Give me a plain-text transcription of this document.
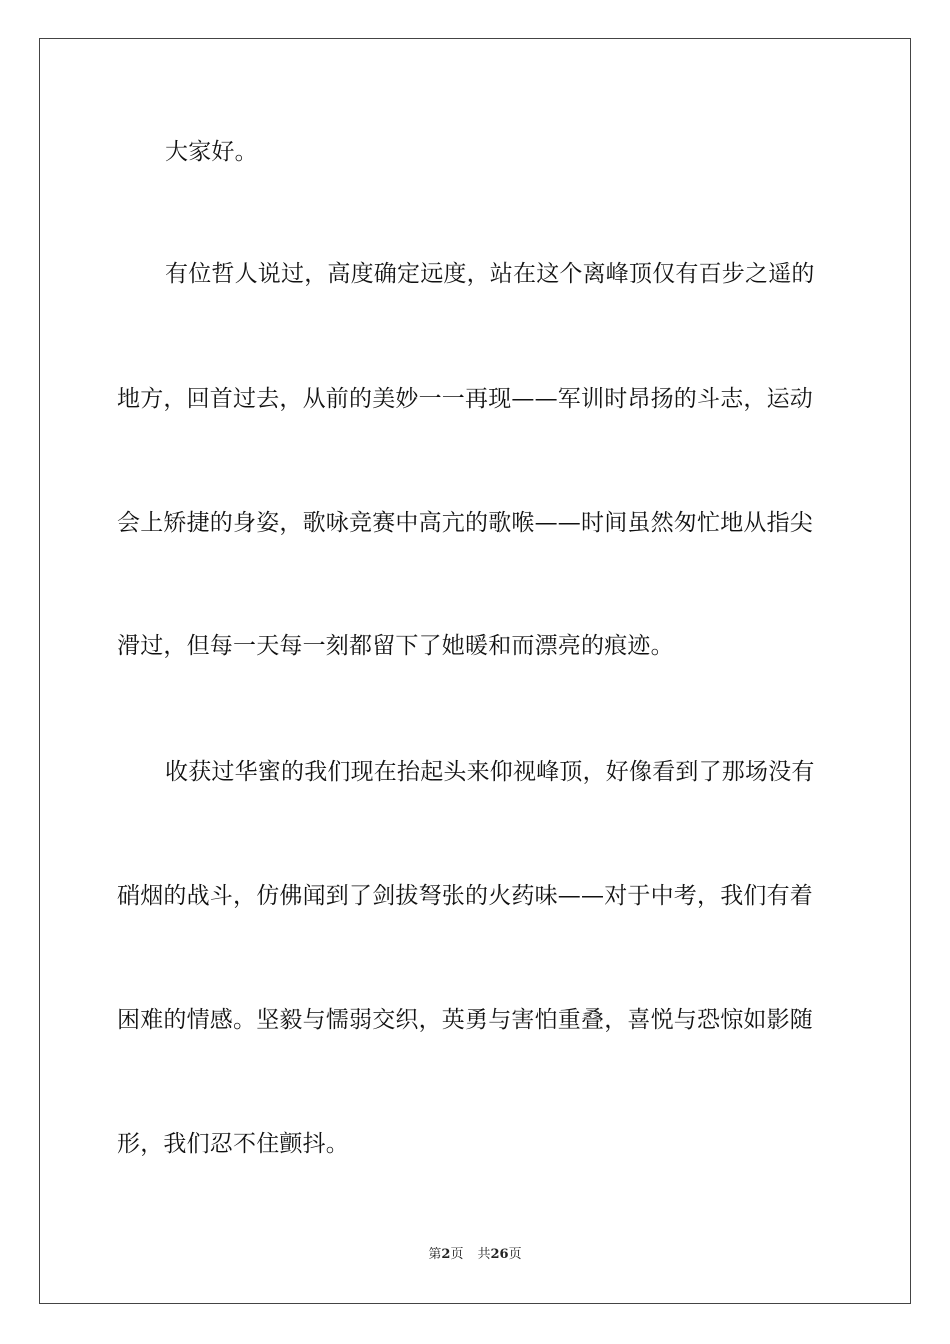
大家好。
有位哲人说过，高度确定远度，站在这个离峰顶仅有百步之遥的
地方，回首过去，从前的美妙一一再现——军训时昂扬的斗志，运动
会上矫捷的身姿，歌咏竞赛中高亢的歌喉——时间虽然匆忙地从指尖
滑过，但每一天每一刻都留下了她暖和而漂亮的痕迹。
收获过华蜜的我们现在抬起头来仰视峰顶，好像看到了那场没有
硝烟的战斗，仿佛闻到了剑拔弩张的火药味——对于中考，我们有着
困难的情感。坚毅与懦弱交织，英勇与害怕重叠，喜悦与恐惊如影随
形，我们忍不住颤抖。
第2页 共26页
